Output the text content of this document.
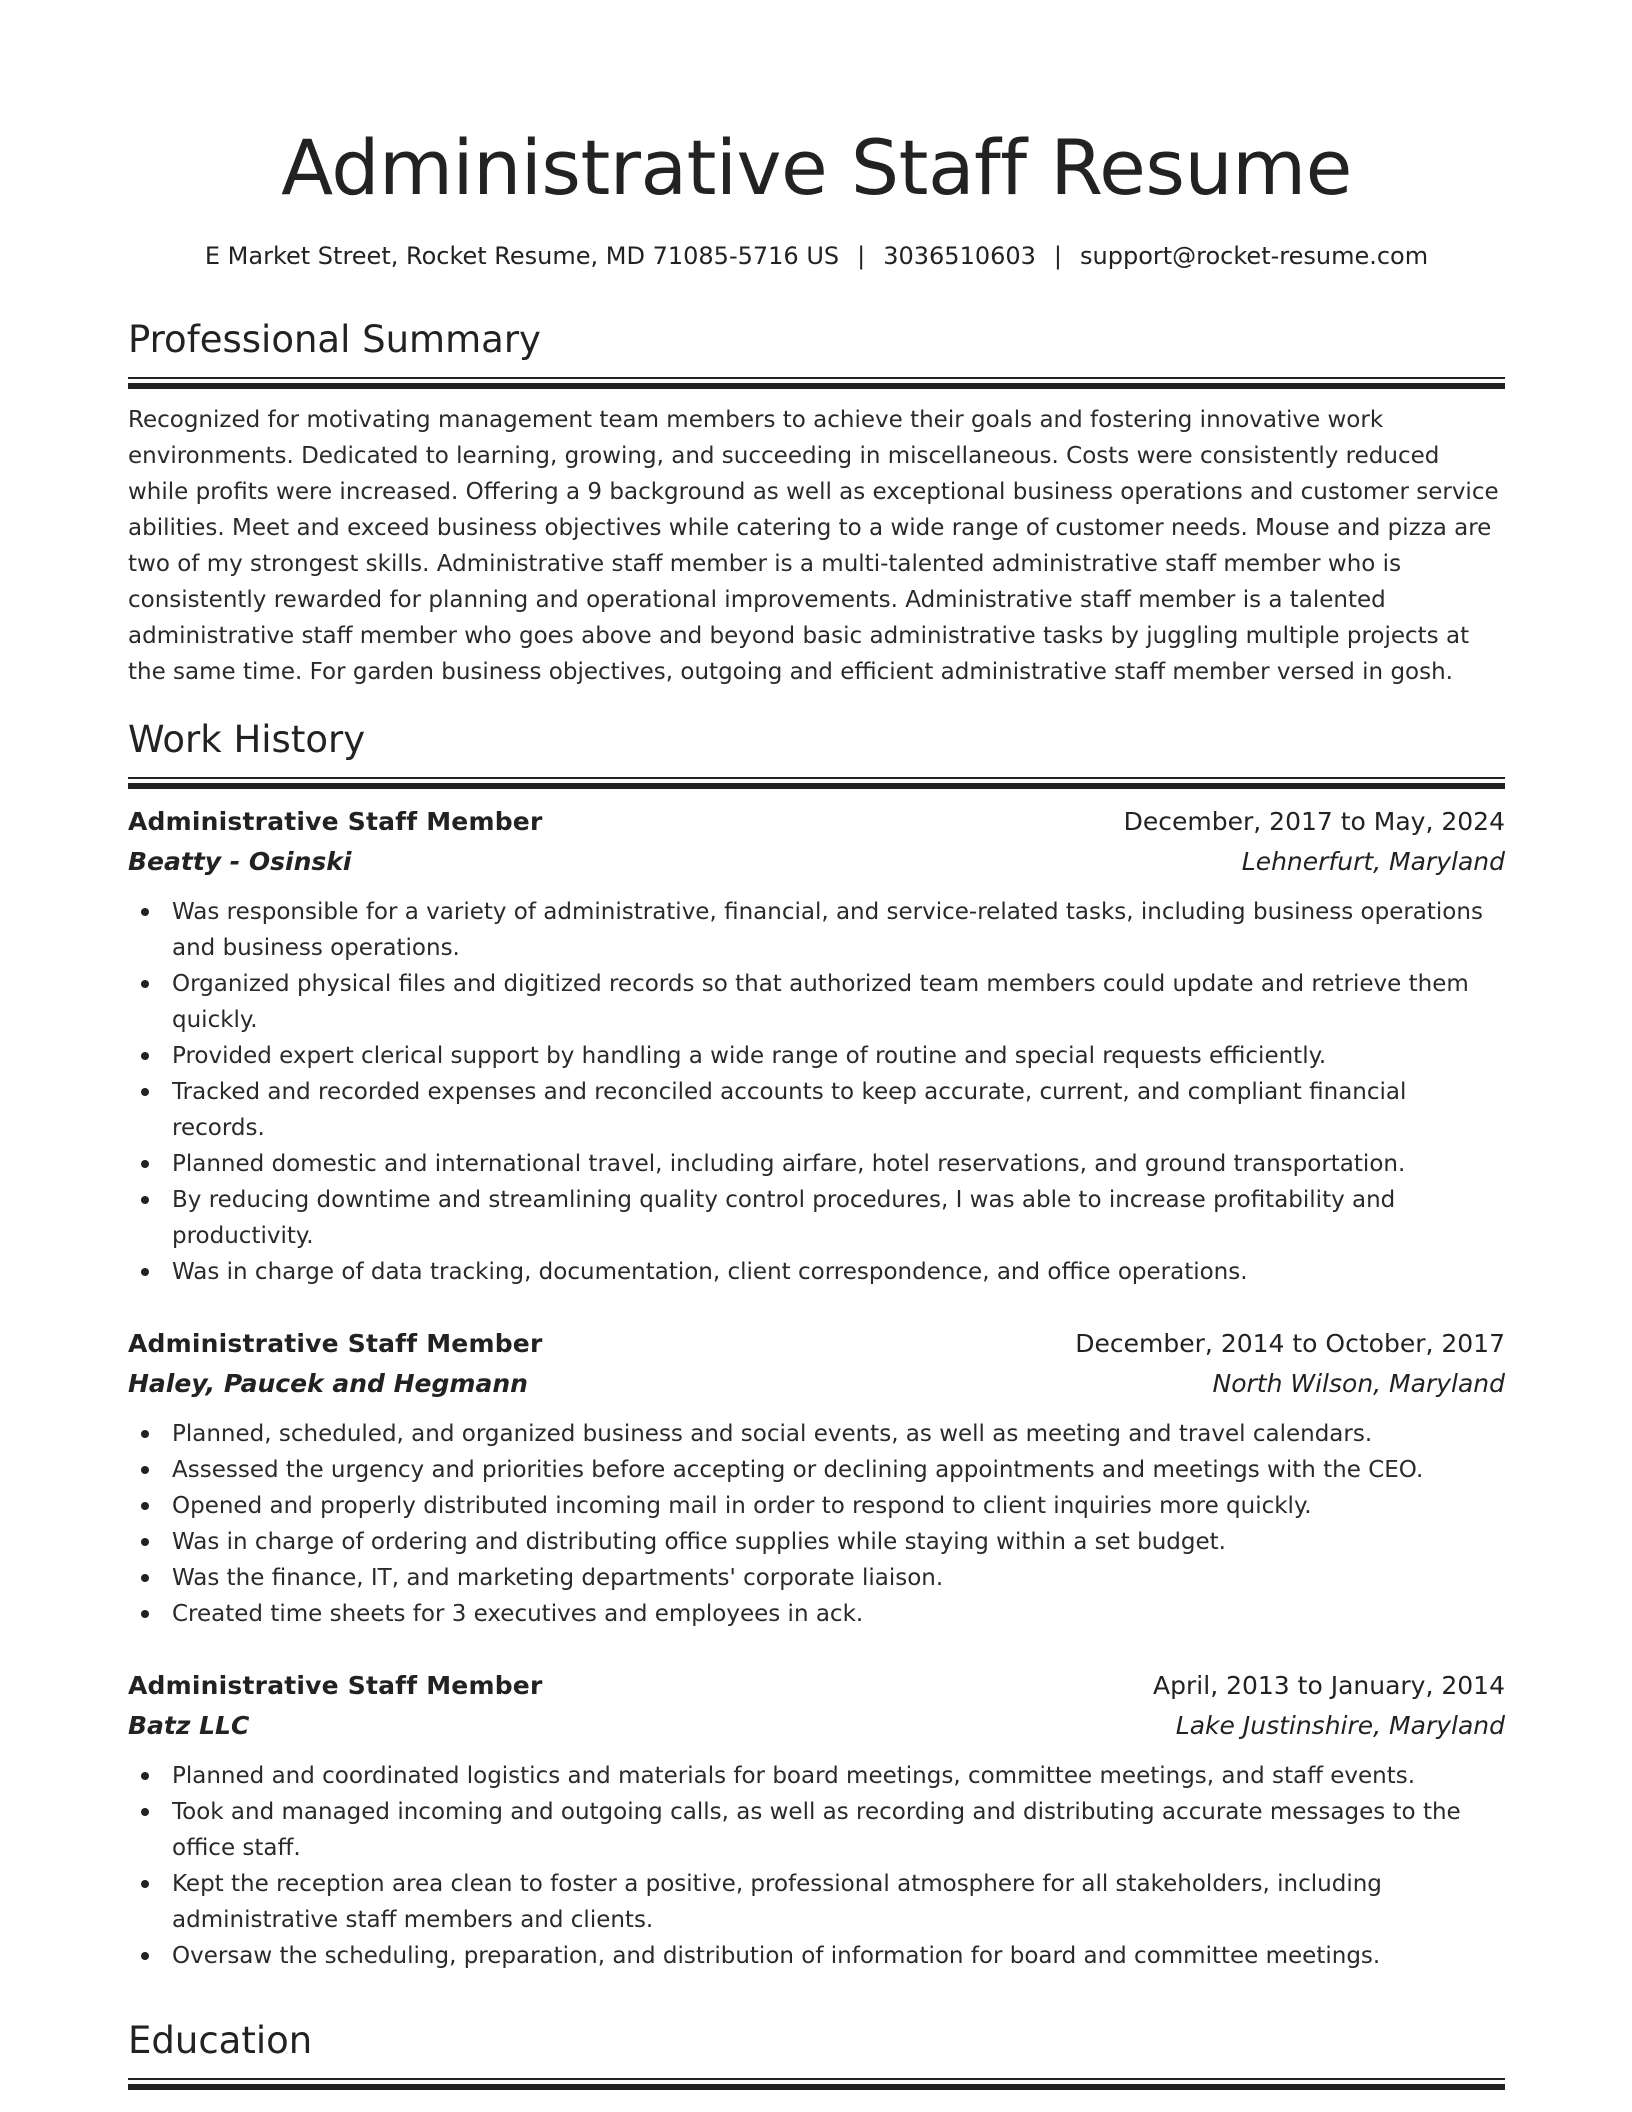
Administrative Staff Resume
E Market Street, Rocket Resume, MD 71085-5716 US | 3036510603 | support@rocket-resume.com
Professional Summary
Recognized for motivating management team members to achieve their goals and fostering innovative work environments. Dedicated to learning, growing, and succeeding in miscellaneous. Costs were consistently reduced while profits were increased. Offering a 9 background as well as exceptional business operations and customer service abilities. Meet and exceed business objectives while catering to a wide range of customer needs. Mouse and pizza are two of my strongest skills. Administrative staff member is a multi-talented administrative staff member who is consistently rewarded for planning and operational improvements. Administrative staff member is a talented administrative staff member who goes above and beyond basic administrative tasks by juggling multiple projects at the same time. For garden business objectives, outgoing and efficient administrative staff member versed in gosh.
Work History
Administrative Staff Member	December, 2017 to May, 2024
Beatty - Osinski	Lehnerfurt, Maryland
Was responsible for a variety of administrative, financial, and service-related tasks, including business operations and business operations.
Organized physical files and digitized records so that authorized team members could update and retrieve them quickly.
Provided expert clerical support by handling a wide range of routine and special requests efficiently.
Tracked and recorded expenses and reconciled accounts to keep accurate, current, and compliant financial records.
Planned domestic and international travel, including airfare, hotel reservations, and ground transportation.
By reducing downtime and streamlining quality control procedures, I was able to increase profitability and productivity.
Was in charge of data tracking, documentation, client correspondence, and office operations.
Administrative Staff Member	December, 2014 to October, 2017
Haley, Paucek and Hegmann	North Wilson, Maryland
Planned, scheduled, and organized business and social events, as well as meeting and travel calendars.
Assessed the urgency and priorities before accepting or declining appointments and meetings with the CEO.
Opened and properly distributed incoming mail in order to respond to client inquiries more quickly.
Was in charge of ordering and distributing office supplies while staying within a set budget.
Was the finance, IT, and marketing departments' corporate liaison.
Created time sheets for 3 executives and employees in ack.
Administrative Staff Member	April, 2013 to January, 2014
Batz LLC	Lake Justinshire, Maryland
Planned and coordinated logistics and materials for board meetings, committee meetings, and staff events.
Took and managed incoming and outgoing calls, as well as recording and distributing accurate messages to the office staff.
Kept the reception area clean to foster a positive, professional atmosphere for all stakeholders, including administrative staff members and clients.
Oversaw the scheduling, preparation, and distribution of information for board and committee meetings.
Education
